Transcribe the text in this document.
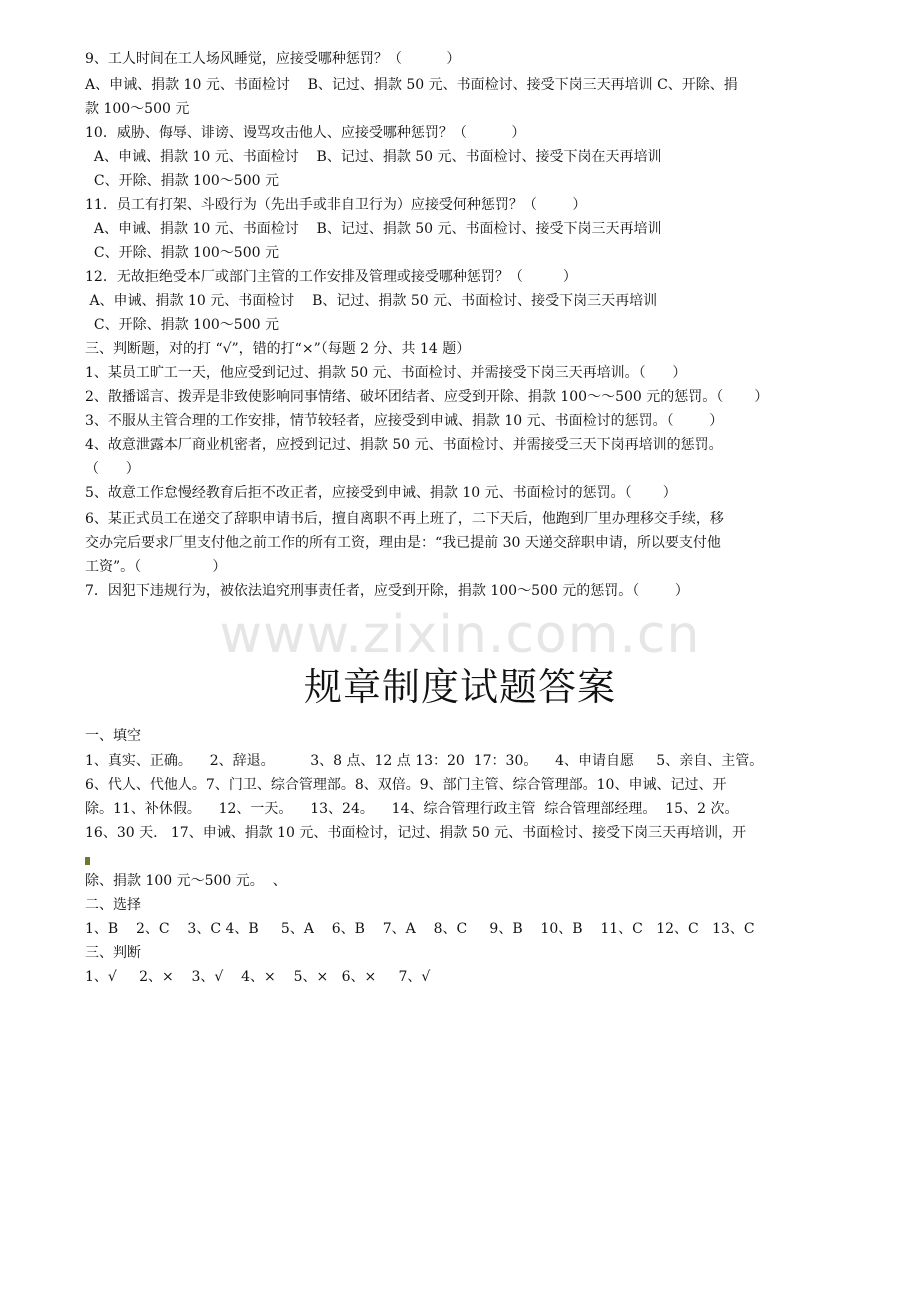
www.zixin.com.cn
9、工人时间在工人场风睡觉，应接受哪种惩罚？（          ）
A、申诫、捐款 10 元、书面检讨    B、记过、捐款 50 元、书面检讨、接受下岗三天再培训 C、开除、捐
款 100～500 元
10．威胁、侮辱、诽谤、谩骂攻击他人、应接受哪种惩罚？（          ）
A、申诫、捐款 10 元、书面检讨    B、记过、捐款 50 元、书面检讨、接受下岗在天再培训
C、开除、捐款 100～500 元
11．员工有打架、斗殴行为（先出手或非自卫行为）应接受何种惩罚？（        ）
A、申诫、捐款 10 元、书面检讨    B、记过、捐款 50 元、书面检讨、接受下岗三天再培训
C、开除、捐款 100～500 元
12．无故拒绝受本厂或部门主管的工作安排及管理或接受哪种惩罚？（         ）
A、申诫、捐款 10 元、书面检讨    B、记过、捐款 50 元、书面检讨、接受下岗三天再培训
C、开除、捐款 100～500 元
三、判断题，对的打 “√”，错的打“×”（每题 2 分、共 14 题）
1、某员工旷工一天，他应受到记过、捐款 50 元、书面检讨、并需接受下岗三天再培训。（      ）
2、散播谣言、拨弄是非致使影响同事情绪、破坏团结者、应受到开除、捐款 100～～500 元的惩罚。（       ）
3、不服从主管合理的工作安排，情节较轻者，应接受到申诫、捐款 10 元、书面检讨的惩罚。（        ）
4、故意泄露本厂商业机密者，应授到记过、捐款 50 元、书面检讨、并需接受三天下岗再培训的惩罚。
（      ）
5、故意工作怠慢经教育后拒不改正者，应接受到申诫、捐款 10 元、书面检讨的惩罚。（       ）
6、某正式员工在递交了辞职申请书后，擅自离职不再上班了，二下天后，他跑到厂里办理移交手续，移
交办完后要求厂里支付他之前工作的所有工资，理由是：“我已提前 30 天递交辞职申请，所以要支付他
工资”。（                ）
7．因犯下违规行为，被依法追究刑事责任者，应受到开除，捐款 100～500 元的惩罚。（        ）
规章制度试题答案
一、填空
1、真实、正确。    2、辞退。        3、8 点、12 点 13：20  17：30。    4、申请自愿     5、亲自、主管。
6、代人、代他人。7、门卫、综合管理部。8、双倍。9、部门主管、综合管理部。10、申诫、记过、开
除。11、补休假。    12、一天。    13、24。    14、综合管理行政主管  综合管理部经理。  15、2 次。
16、30 天.   17、申诫、捐款 10 元、书面检讨，记过、捐款 50 元、书面检讨、接受下岗三天再培训，开
除、捐款 100 元～500 元。  、
二、选择
1、B    2、C    3、C 4、B     5、A    6、B    7、A    8、C     9、B    10、B    11、C   12、C   13、C
三、判断
1、√     2、×    3、√    4、×    5、×   6、×     7、√
